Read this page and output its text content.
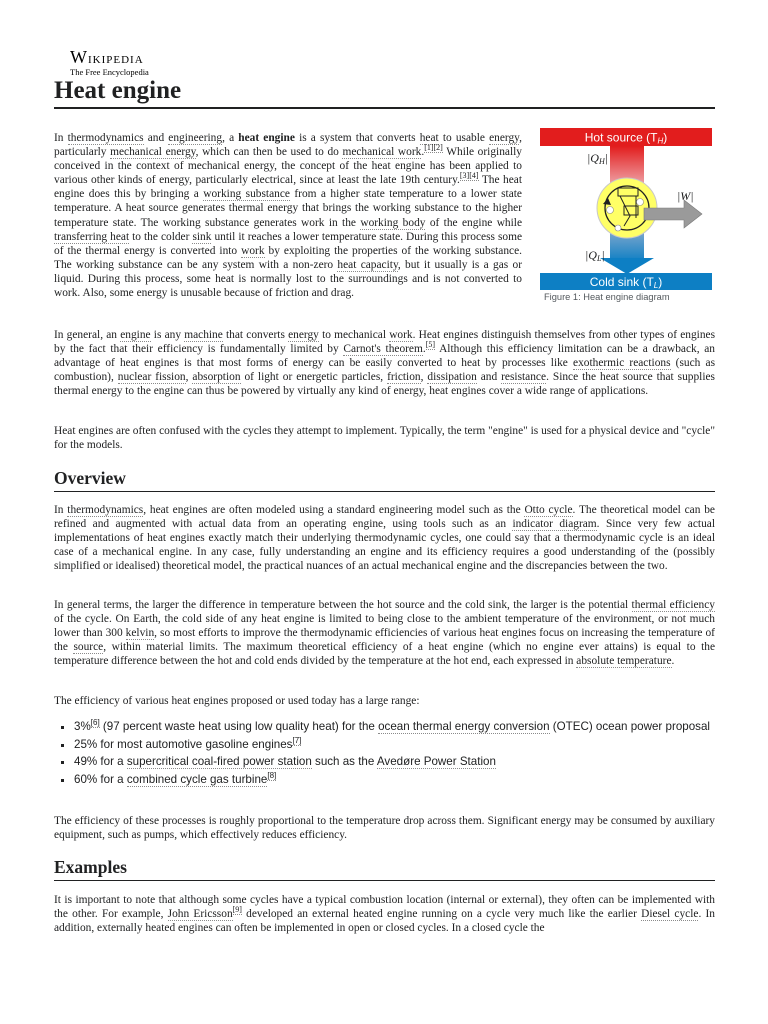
Wikipedia
The Free Encyclopedia
Heat engine
Hot source (TH)
|QH|
|W|
|QL|
Cold sink (TL)
Figure 1: Heat engine diagram

In thermodynamics and engineering, a heat engine is a system that converts heat to usable energy, particularly mechanical energy, which can then be used to do mechanical work.[1][2] While originally conceived in the context of mechanical energy, the concept of the heat engine has been applied to various other kinds of energy, particularly electrical, since at least the late 19th century.[3][4] The heat engine does this by bringing a working substance from a higher state temperature to a lower state temperature. A heat source generates thermal energy that brings the working substance to the higher temperature state. The working substance generates work in the working body of the engine while transferring heat to the colder sink until it reaches a lower temperature state. During this process some of the thermal energy is converted into work by exploiting the properties of the working substance. The working substance can be any system with a non-zero heat capacity, but it usually is a gas or liquid. During this process, some heat is normally lost to the surroundings and is not converted to work. Also, some energy is unusable because of friction and drag.

In general, an engine is any machine that converts energy to mechanical work. Heat engines distinguish themselves from other types of engines by the fact that their efficiency is fundamentally limited by Carnot's theorem.[5] Although this efficiency limitation can be a drawback, an advantage of heat engines is that most forms of energy can be easily converted to heat by processes like exothermic reactions (such as combustion), nuclear fission, absorption of light or energetic particles, friction, dissipation and resistance. Since the heat source that supplies thermal energy to the engine can thus be powered by virtually any kind of energy, heat engines cover a wide range of applications.

Heat engines are often confused with the cycles they attempt to implement. Typically, the term "engine" is used for a physical device and "cycle" for the models.

Overview

In thermodynamics, heat engines are often modeled using a standard engineering model such as the Otto cycle. The theoretical model can be refined and augmented with actual data from an operating engine, using tools such as an indicator diagram. Since very few actual implementations of heat engines exactly match their underlying thermodynamic cycles, one could say that a thermodynamic cycle is an ideal case of a mechanical engine. In any case, fully understanding an engine and its efficiency requires a good understanding of the (possibly simplified or idealised) theoretical model, the practical nuances of an actual mechanical engine and the discrepancies between the two.

In general terms, the larger the difference in temperature between the hot source and the cold sink, the larger is the potential thermal efficiency of the cycle. On Earth, the cold side of any heat engine is limited to being close to the ambient temperature of the environment, or not much lower than 300 kelvin, so most efforts to improve the thermodynamic efficiencies of various heat engines focus on increasing the temperature of the source, within material limits. The maximum theoretical efficiency of a heat engine (which no engine ever attains) is equal to the temperature difference between the hot and cold ends divided by the temperature at the hot end, each expressed in absolute temperature.

The efficiency of various heat engines proposed or used today has a large range:

▪ 3%[6] (97 percent waste heat using low quality heat) for the ocean thermal energy conversion (OTEC) ocean power proposal
▪ 25% for most automotive gasoline engines[7]
▪ 49% for a supercritical coal-fired power station such as the Avedøre Power Station
▪ 60% for a combined cycle gas turbine[8]

The efficiency of these processes is roughly proportional to the temperature drop across them. Significant energy may be consumed by auxiliary equipment, such as pumps, which effectively reduces efficiency.

Examples

It is important to note that although some cycles have a typical combustion location (internal or external), they often can be implemented with the other. For example, John Ericsson[9] developed an external heated engine running on a cycle very much like the earlier Diesel cycle. In addition, externally heated engines can often be implemented in open or closed cycles. In a closed cycle the
